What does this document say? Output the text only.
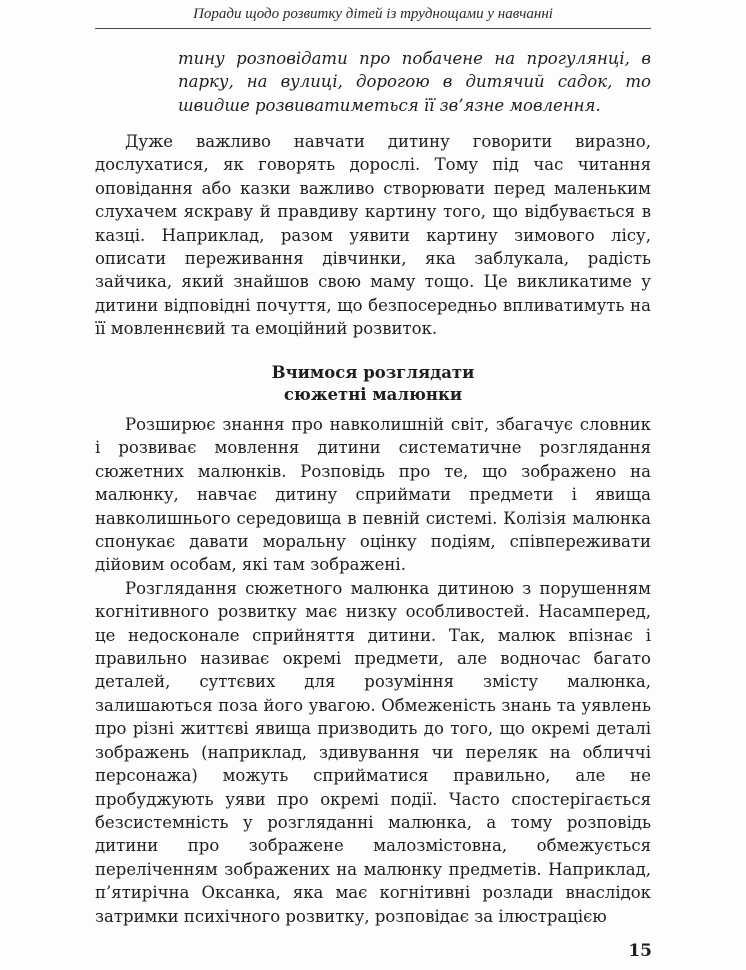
Поради щодо розвитку дітей із труднощами у навчанні
тину розповідати про побачене на прогулянці, в парку, на вулиці, дорогою в дитячий садок, то швидше розвиватиметься її зв’язне мовлення.

Дуже важливо навчати дитину говорити виразно, дослухатися, як говорять дорослі. Тому під час читання оповідання або казки важливо створювати перед маленьким слухачем яскраву й правдиву картину того, що відбувається в казці. Наприклад, разом уявити картину зимового лісу, описати переживання дівчинки, яка заблукала, радість зайчика, який знайшов свою маму тощо. Це викликатиме у дитини відповідні почуття, що безпосередньо впливатимуть на її мовленнєвий та емоційний розвиток.

Вчимося розглядати
сюжетні малюнки

Розширює знання про навколишній світ, збагачує словник і розвиває мовлення дитини систематичне розглядання сюжетних малюнків. Розповідь про те, що зображено на малюнку, навчає дитину сприймати предмети і явища навколишнього середовища в певній системі. Колізія малюнка спонукає давати моральну оцінку подіям, співпереживати дійовим особам, які там зображені.

Розглядання сюжетного малюнка дитиною з порушенням когнітивного розвитку має низку особливостей. Насамперед, це недосконале сприйняття дитини. Так, малюк впізнає і правильно називає окремі предмети, але водночас багато деталей, суттєвих для розуміння змісту малюнка, залишаються поза його увагою. Обмеженість знань та уявлень про різні життєві явища призводить до того, що окремі деталі зображень (наприклад, здивування чи переляк на обличчі персонажа) можуть сприйматися правильно, але не пробуджують уяви про окремі події. Часто спостерігається безсистемність у розгляданні малюнка, а тому розповідь дитини про зображене малозмістовна, обмежується переліченням зображених на малюнку предметів. Наприклад, п’ятирічна Оксанка, яка має когнітивні розлади внаслідок затримки психічного розвитку, розповідає за ілюстрацією

15
